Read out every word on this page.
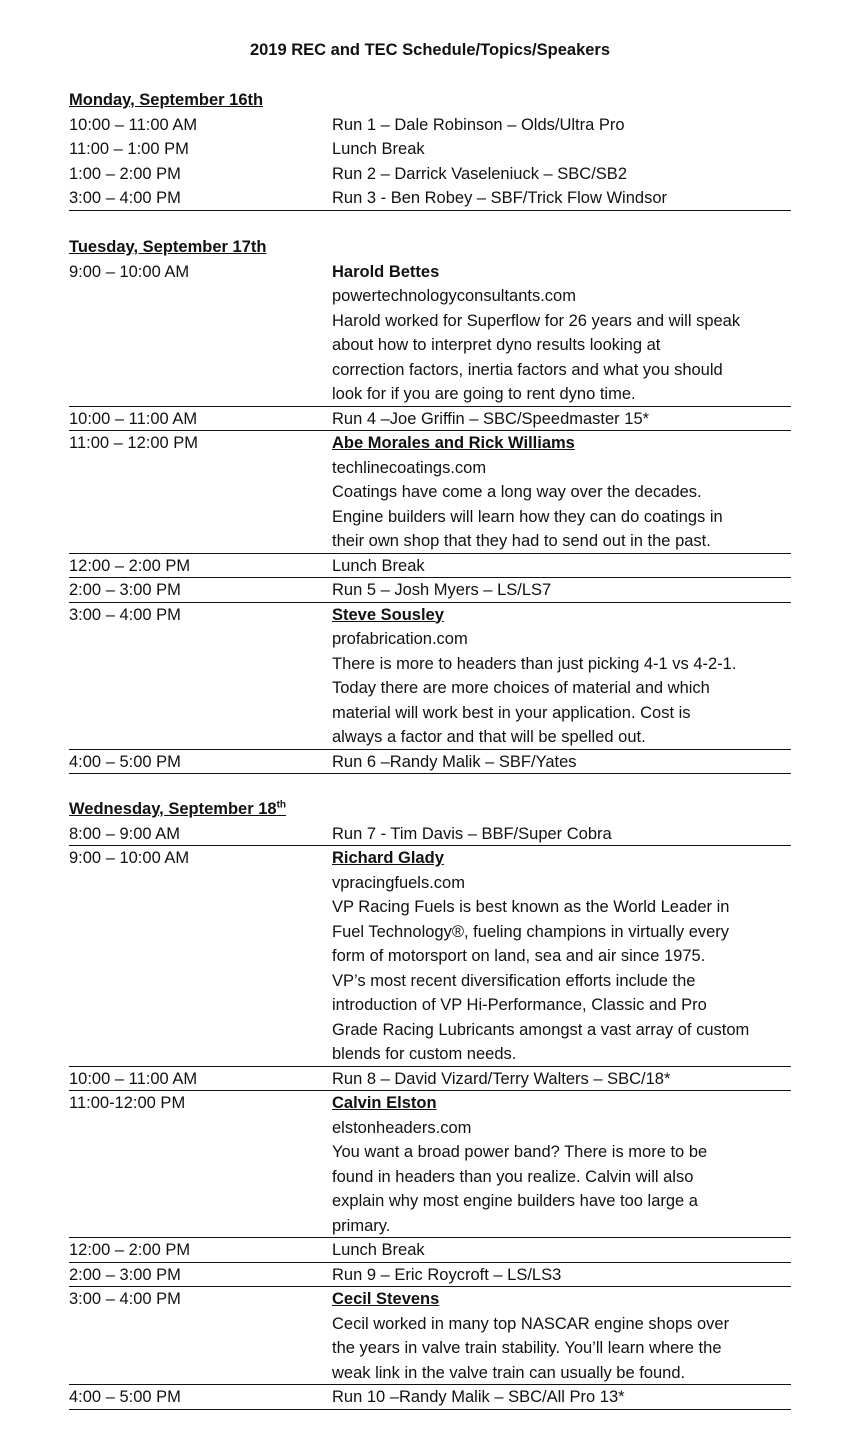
2019 REC and TEC Schedule/Topics/Speakers
Monday, September 16th
10:00 – 11:00 AM	Run 1 – Dale Robinson – Olds/Ultra Pro
11:00 – 1:00 PM	Lunch Break
1:00 – 2:00 PM	Run 2 – Darrick Vaseleniuck – SBC/SB2
3:00 – 4:00 PM	Run 3 - Ben Robey – SBF/Trick Flow Windsor
Tuesday, September 17th
9:00 – 10:00 AM	Harold Bettes
powertechnologyconsultants.com
Harold worked for Superflow for 26 years and will speak
about how to interpret dyno results looking at
correction factors, inertia factors and what you should
look for if you are going to rent dyno time.
10:00 – 11:00 AM	Run 4 –Joe Griffin – SBC/Speedmaster 15*
11:00 – 12:00 PM	Abe Morales and Rick Williams
techlinecoatings.com
Coatings have come a long way over the decades.
Engine builders will learn how they can do coatings in
their own shop that they had to send out in the past.
12:00 – 2:00 PM	Lunch Break
2:00 – 3:00 PM	Run 5 – Josh Myers – LS/LS7
3:00 – 4:00 PM	Steve Sousley
profabrication.com
There is more to headers than just picking 4-1 vs 4-2-1.
Today there are more choices of material and which
material will work best in your application. Cost is
always a factor and that will be spelled out.
4:00 – 5:00 PM	Run 6 –Randy Malik – SBF/Yates
Wednesday, September 18th
8:00 – 9:00 AM	Run 7 - Tim Davis – BBF/Super Cobra
9:00 – 10:00 AM	Richard Glady
vpracingfuels.com
VP Racing Fuels is best known as the World Leader in
Fuel Technology®, fueling champions in virtually every
form of motorsport on land, sea and air since 1975.
VP’s most recent diversification efforts include the
introduction of VP Hi-Performance, Classic and Pro
Grade Racing Lubricants amongst a vast array of custom
blends for custom needs.
10:00 – 11:00 AM	Run 8 – David Vizard/Terry Walters – SBC/18*
11:00-12:00 PM	Calvin Elston
elstonheaders.com
You want a broad power band? There is more to be
found in headers than you realize. Calvin will also
explain why most engine builders have too large a
primary.
12:00 – 2:00 PM	Lunch Break
2:00 – 3:00 PM	Run 9 – Eric Roycroft – LS/LS3
3:00 – 4:00 PM	Cecil Stevens
Cecil worked in many top NASCAR engine shops over
the years in valve train stability. You’ll learn where the
weak link in the valve train can usually be found.
4:00 – 5:00 PM	Run 10 –Randy Malik – SBC/All Pro 13*
